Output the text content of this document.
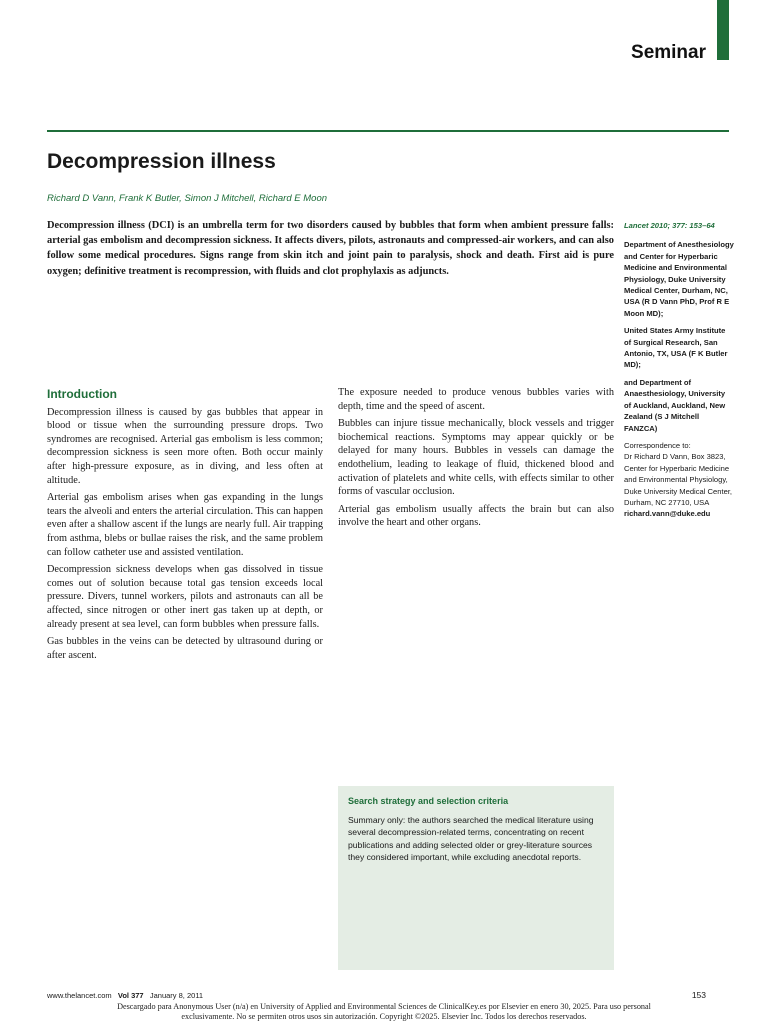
Seminar
Decompression illness
Richard D Vann, Frank K Butler, Simon J Mitchell, Richard E Moon
Decompression illness (DCI) is an umbrella term for two disorders caused by bubbles that form when ambient pressure falls: arterial gas embolism and decompression sickness. It affects divers, pilots, astronauts and compressed-air workers, and can also follow some medical procedures. Signs range from skin itch and joint pain to paralysis, shock and death. First aid is pure oxygen; definitive treatment is recompression, with fluids and clot prophylaxis as adjuncts.
Lancet 2010; 377: 153–64
Department of Anesthesiology and Center for Hyperbaric Medicine and Environmental Physiology, Duke University Medical Center, Durham, NC, USA (R D Vann PhD, Prof R E Moon MD);
United States Army Institute of Surgical Research, San Antonio, TX, USA (F K Butler MD);
and Department of Anaesthesiology, University of Auckland, Auckland, New Zealand (S J Mitchell FANZCA)
Correspondence to:
Dr Richard D Vann, Box 3823, Center for Hyperbaric Medicine and Environmental Physiology, Duke University Medical Center, Durham, NC 27710, USA
richard.vann@duke.edu
Introduction

Decompression illness is caused by gas bubbles that appear in blood or tissue when the surrounding pressure drops. Two syndromes are recognised. Arterial gas embolism is less common; decompression sickness is seen more often. Both occur mainly after high-pressure exposure, as in diving, and less often at altitude.

Arterial gas embolism arises when gas expanding in the lungs tears the alveoli and enters the arterial circulation. This can happen even after a shallow ascent if the lungs are nearly full. Air trapping from asthma, blebs or bullae raises the risk, and the same problem can follow catheter use and assisted ventilation.

Decompression sickness develops when gas dissolved in tissue comes out of solution because total gas tension exceeds local pressure. Divers, tunnel workers, pilots and astronauts can all be affected, since nitrogen or other inert gas taken up at depth, or already present at sea level, can form bubbles when pressure falls.

Gas bubbles in the veins can be detected by ultrasound during or after ascent.

The exposure needed to produce venous bubbles varies with depth, time and the speed of ascent.

Bubbles can injure tissue mechanically, block vessels and trigger biochemical reactions. Symptoms may appear quickly or be delayed for many hours. Bubbles in vessels can damage the endothelium, leading to leakage of fluid, thickened blood and activation of platelets and white cells, with effects similar to other forms of vascular occlusion.

Arterial gas embolism usually affects the brain but can also involve the heart and other organs.

Search strategy and selection criteria
Summary only: the authors searched the medical literature using several decompression-related terms, concentrating on recent publications and adding selected older or grey-literature sources they considered important, while excluding anecdotal reports.
www.thelancet.com Vol 377 January 8, 2011	153
Descargado para Anonymous User (n/a) en University of Applied and Environmental Sciences de ClinicalKey.es por Elsevier en enero 30, 2025. Para uso personal exclusivamente. No se permiten otros usos sin autorización. Copyright ©2025. Elsevier Inc. Todos los derechos reservados.
